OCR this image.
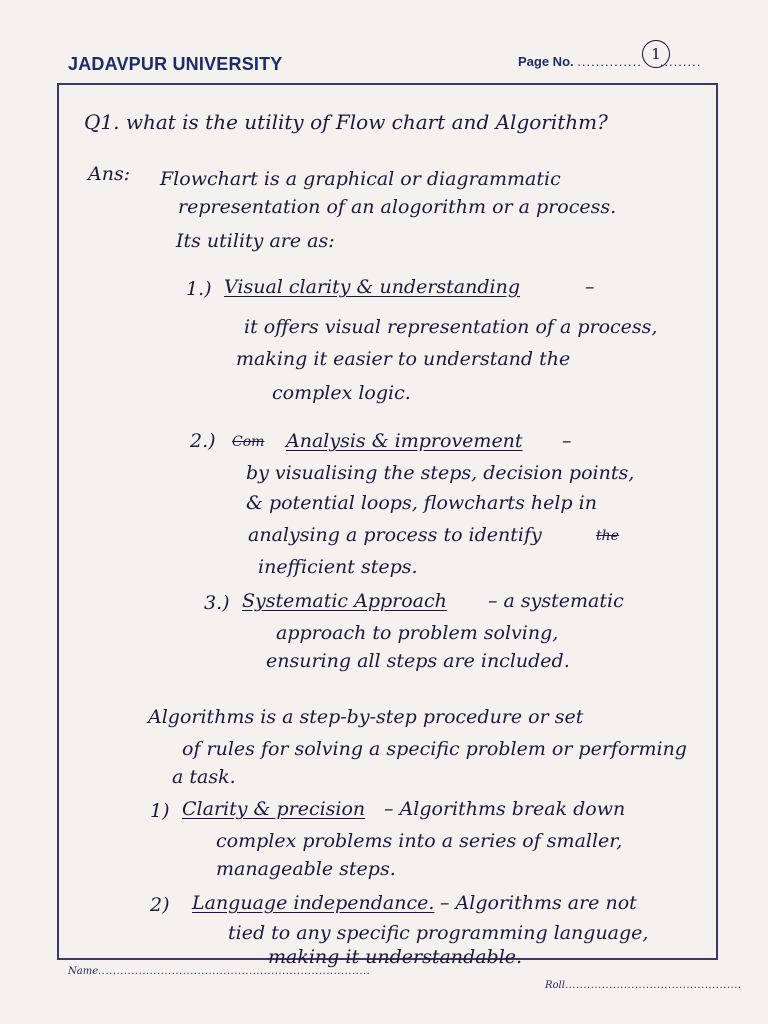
JADAVPUR UNIVERSITY	Page No. .............. .........
1
Q1. what is the utility of Flow chart and Algorithm?
Ans: Flowchart is a graphical or diagrammatic
representation of an alogorithm or a process.
Its utility are as:
1.) Visual clarity & understanding	–
it offers visual representation of a process,
making it easier to understand the
complex logic.
2.) Com Analysis & improvement –
by visualising the steps, decision points,
& potential loops, flowcharts help in
analysing a process to identify	the
inefficient steps.
3.) Systematic Approach – a systematic
approach to problem solving,
ensuring all steps are included.
Algorithms is a step-by-step procedure or set
of rules for solving a specific problem or performing
a task.
1) Clarity & precision – Algorithms break down
complex problems into a series of smaller,
manageable steps.
2) Language independance. – Algorithms are not
tied to any specific programming language,
making it understandable.
Name..........................................................................
Roll................................................
